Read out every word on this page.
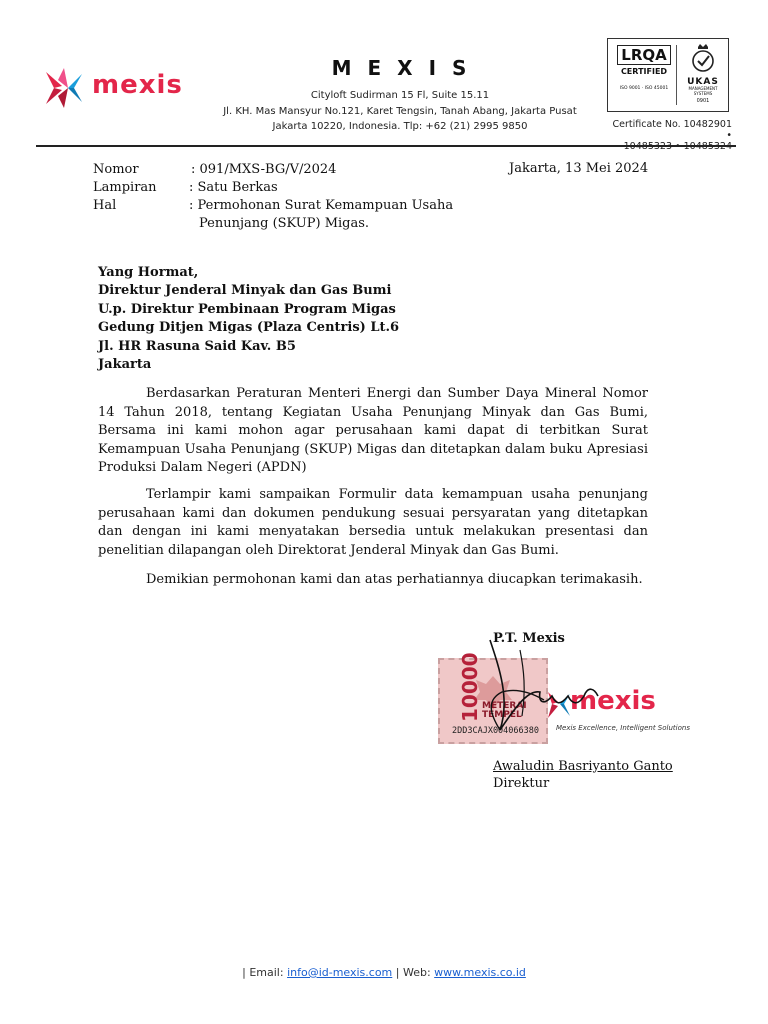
mexis
MEXIS
Cityloft Sudirman 15 Fl, Suite 15.11
Jl. KH. Mas Mansyur No.121, Karet Tengsin, Tanah Abang, Jakarta Pusat
Jakarta 10220, Indonesia. Tlp: +62 (21) 2995 9850
LRQA
CERTIFIED
ISO 9001 · ISO 45001
UKAS
MANAGEMENT SYSTEMS
0901
Certificate No. 10482901 •
Nomor	: 091/MXS-BG/V/2024
Lampiran : Satu Berkas
Hal	: Permohonan Surat Kemampuan Usaha
Penunjang (SKUP) Migas.
Jakarta, 13 Mei 2024
Yang Hormat,
Direktur Jenderal Minyak dan Gas Bumi
U.p. Direktur Pembinaan Program Migas
Gedung Ditjen Migas (Plaza Centris) Lt.6
Jl. HR Rasuna Said Kav. B5
Jakarta

Berdasarkan Peraturan Menteri Energi dan Sumber Daya Mineral Nomor 14 Tahun 2018, tentang Kegiatan Usaha Penunjang Minyak dan Gas Bumi, Bersama ini kami mohon agar perusahaan kami dapat di terbitkan Surat Kemampuan Usaha Penunjang (SKUP) Migas dan ditetapkan dalam buku Apresiasi Produksi Dalam Negeri (APDN)

Terlampir kami sampaikan Formulir data kemampuan usaha penunjang perusahaan kami dan dokumen pendukung sesuai persyaratan yang ditetapkan dan dengan ini kami menyatakan bersedia untuk melakukan presentasi dan penelitian dilapangan oleh Direktorat Jenderal Minyak dan Gas Bumi.

Demikian permohonan kami dan atas perhatiannya diucapkan terimakasih.

P.T. Mexis
10000 METERAI TEMPEL
2DD3CAJX004066380
mexis
Mexis Excellence, Intelligent Solutions
Awaludin Basriyanto Ganto
Direktur
| Email: info@id-mexis.com | Web: www.mexis.co.id
